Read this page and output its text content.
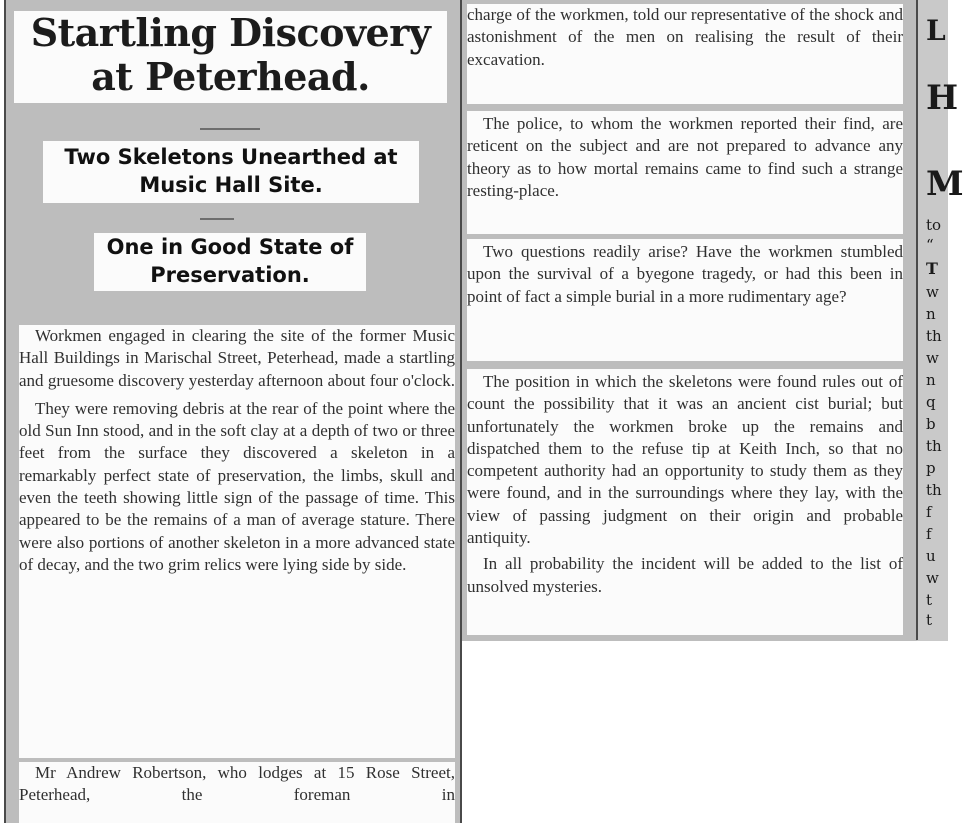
Startling Discovery at Peterhead.
Two Skeletons Unearthed at Music Hall Site.
One in Good State of Preservation.

Workmen engaged in clearing the site of the former Music Hall Buildings in Marischal Street, Peterhead, made a startling and gruesome discovery yesterday afternoon about four o'clock.

They were removing debris at the rear of the point where the old Sun Inn stood, and in the soft clay at a depth of two or three feet from the surface they discovered a skeleton in a remarkably perfect state of preservation, the limbs, skull and even the teeth showing little sign of the passage of time. This appeared to be the remains of a man of average stature. There were also portions of another skeleton in a more advanced state of decay, and the two grim relics were lying side by side.

Mr Andrew Robertson, who lodges at 15 Rose Street, Peterhead, the foreman in

charge of the workmen, told our representative of the shock and astonishment of the men on realising the result of their excavation.

The police, to whom the workmen reported their find, are reticent on the subject and are not prepared to advance any theory as to how mortal remains came to find such a strange resting-place.

Two questions readily arise? Have the workmen stumbled upon the survival of a byegone tragedy, or had this been in point of fact a simple burial in a more rudimentary age?

The position in which the skeletons were found rules out of count the possibility that it was an ancient cist burial; but unfortunately the workmen broke up the remains and dispatched them to the refuse tip at Keith Inch, so that no competent authority had an opportunity to study them as they were found, and in the surroundings where they lay, with the view of passing judgment on their origin and probable antiquity.

In all probability the incident will be added to the list of unsolved mysteries.

L
H
M
to
“
T
w
n
th
w
n
q
b
th
p
th
f
f
u
w
t
t
